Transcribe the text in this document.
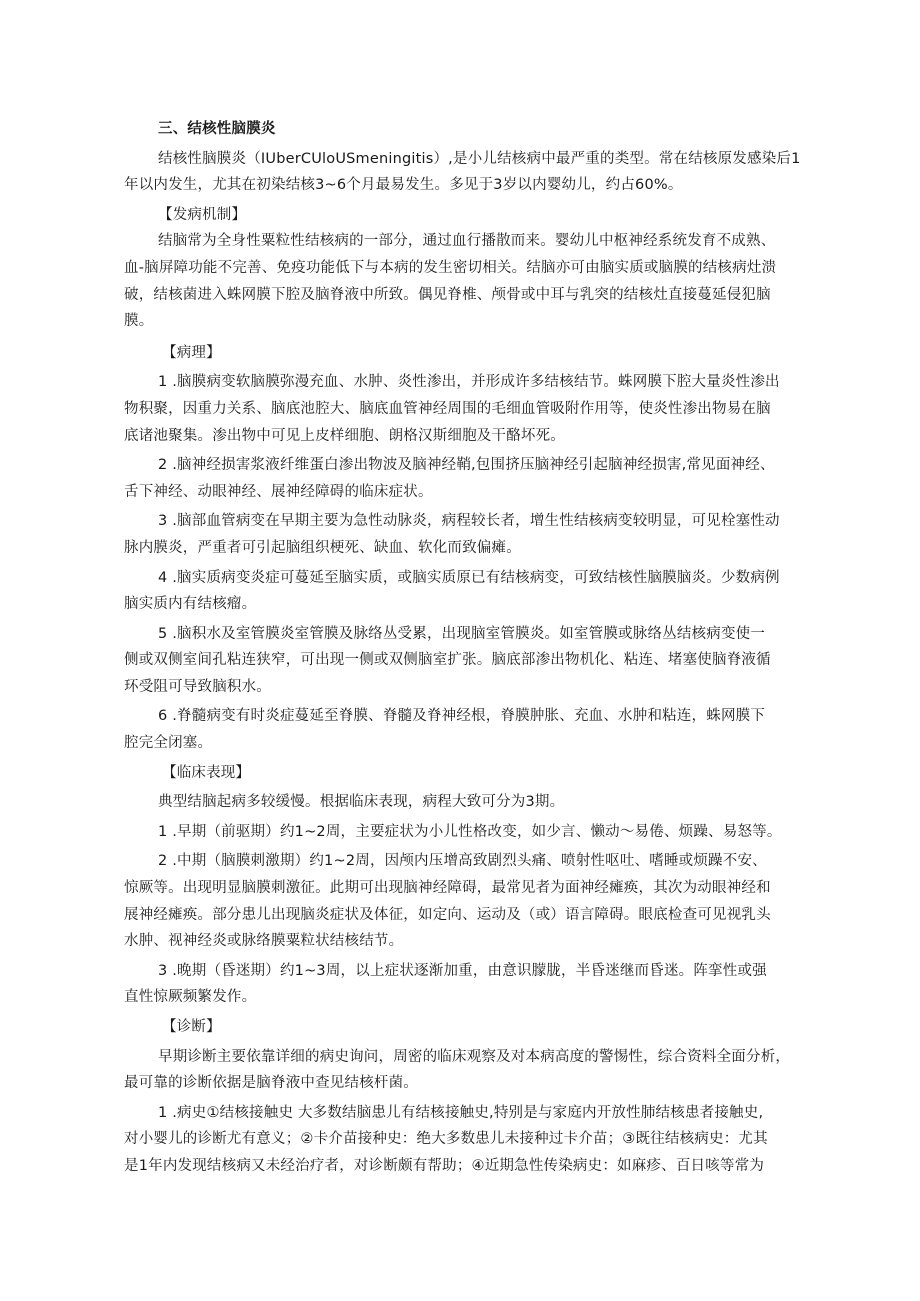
三、结核性脑膜炎
结核性脑膜炎（IUberCUloUSmeningitis）,是小儿结核病中最严重的类型。常在结核原发感染后1
年以内发生，尤其在初染结核3~6个月最易发生。多见于3岁以内婴幼儿，约占60%。
【发病机制】
结脑常为全身性粟粒性结核病的一部分，通过血行播散而来。婴幼儿中枢神经系统发育不成熟、
血-脑屏障功能不完善、免疫功能低下与本病的发生密切相关。结脑亦可由脑实质或脑膜的结核病灶溃
破，结核菌进入蛛网膜下腔及脑脊液中所致。偶见脊椎、颅骨或中耳与乳突的结核灶直接蔓延侵犯脑
膜。
【病理】
1 .脑膜病变软脑膜弥漫充血、水肿、炎性渗出，并形成许多结核结节。蛛网膜下腔大量炎性渗出
物积聚，因重力关系、脑底池腔大、脑底血管神经周围的毛细血管吸附作用等，使炎性渗出物易在脑
底诸池聚集。渗出物中可见上皮样细胞、朗格汉斯细胞及干酪坏死。
2 .脑神经损害浆液纤维蛋白渗出物波及脑神经鞘,包围挤压脑神经引起脑神经损害,常见面神经、
舌下神经、动眼神经、展神经障碍的临床症状。
3 .脑部血管病变在早期主要为急性动脉炎，病程较长者，增生性结核病变较明显，可见栓塞性动
脉内膜炎，严重者可引起脑组织梗死、缺血、软化而致偏瘫。
4 .脑实质病变炎症可蔓延至脑实质，或脑实质原已有结核病变，可致结核性脑膜脑炎。少数病例
脑实质内有结核瘤。
5 .脑积水及室管膜炎室管膜及脉络丛受累，出现脑室管膜炎。如室管膜或脉络丛结核病变使一
侧或双侧室间孔粘连狭窄，可出现一侧或双侧脑室扩张。脑底部渗出物机化、粘连、堵塞使脑脊液循
环受阻可导致脑积水。
6 .脊髓病变有时炎症蔓延至脊膜、脊髓及脊神经根，脊膜肿胀、充血、水肿和粘连，蛛网膜下
腔完全闭塞。
【临床表现】
典型结脑起病多较缓慢。根据临床表现，病程大致可分为3期。
1 .早期（前驱期）约1~2周，主要症状为小儿性格改变，如少言、懒动～易倦、烦躁、易怒等。
2 .中期（脑膜刺激期）约1~2周，因颅内压增高致剧烈头痛、喷射性呕吐、嗜睡或烦躁不安、
惊厥等。出现明显脑膜刺激征。此期可出现脑神经障碍，最常见者为面神经瘫痪，其次为动眼神经和
展神经瘫痪。部分患儿出现脑炎症状及体征，如定向、运动及（或）语言障碍。眼底检查可见视乳头
水肿、视神经炎或脉络膜粟粒状结核结节。
3 .晚期（昏迷期）约1~3周，以上症状逐渐加重，由意识朦胧，半昏迷继而昏迷。阵挛性或强
直性惊厥频繁发作。
【诊断】
早期诊断主要依靠详细的病史询问，周密的临床观察及对本病高度的警惕性，综合资料全面分析，
最可靠的诊断依据是脑脊液中查见结核杆菌。
1 .病史①结核接触史 大多数结脑患儿有结核接触史,特别是与家庭内开放性肺结核患者接触史,
对小婴儿的诊断尤有意义；②卡介苗接种史：绝大多数患儿未接种过卡介苗；③既往结核病史：尤其
是1年内发现结核病又未经治疗者，对诊断颇有帮助；④近期急性传染病史：如麻疹、百日咳等常为
